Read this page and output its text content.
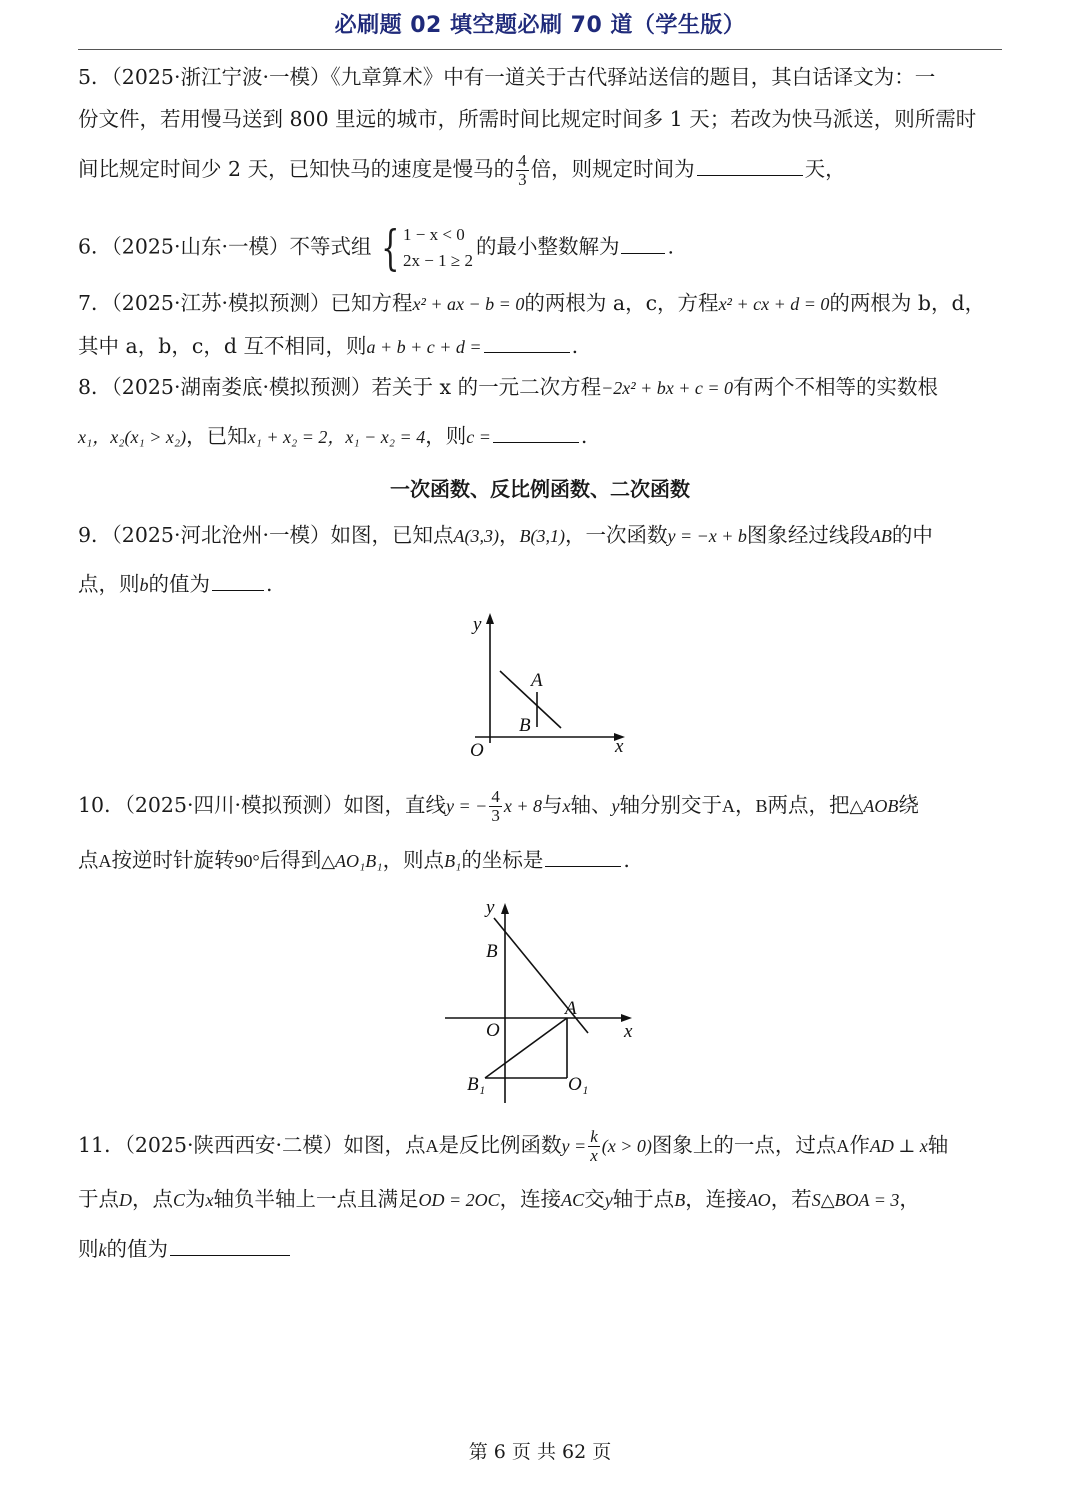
必刷题 02 填空题必刷 70 道（学生版）
5．（2025·浙江宁波·一模）《九章算术》中有一道关于古代驿站送信的题目，其白话译文为：一
份文件，若用慢马送到 800 里远的城市，所需时间比规定时间多 1 天；若改为快马派送，则所需时
间比规定时间少 2 天，已知快马的速度是慢马的 $\frac{4}{3}$ 倍，则规定时间为	天，
6．（2025·山东·一模）不等式组 { 1 − x < 0
2x − 1 ≥ 2
的最小整数解为 .
7．（2025·江苏·模拟预测）已知方程x² + ax − b = 0的两根为 a，c，方程x² + cx + d = 0的两根为 b，d，
其中 a，b，c，d 互不相同，则a + b + c + d =	.
8．（2025·湖南娄底·模拟预测）若关于 x 的一元二次方程−2x² + bx + c = 0有两个不相等的实数根
x₁，x₂(x₁ > x₂)，已知x₁ + x₂ = 2，x₁ − x₂ = 4，则c =	.
一次函数、反比例函数、二次函数
9．（2025·河北沧州·一模）如图，已知点A(3,3)，B(3,1)，一次函数y = −x + b图象经过线段AB的中
点，则b的值为	.
y
x
O
A
B
10．（2025·四川·模拟预测）如图，直线y = − $\frac{4}{3}$ x + 8与x轴、y轴分别交于A，B两点，把△AOB绕
点A按逆时针旋转90°后得到△AO₁B₁，则点B₁的坐标是	.
y
x
B
O
A
B₁	O₁
11．（2025·陕西西安·二模）如图，点A是反比例函数$y = \frac{k}{x} (x > 0)$图象上的一点，过点A作AD ⊥ x轴
于点D，点C为x轴负半轴上一点且满足OD = 2OC，连接AC交y轴于点B，连接AO，若S△BOA = 3，
则k的值为
第 6 页 共 62 页
